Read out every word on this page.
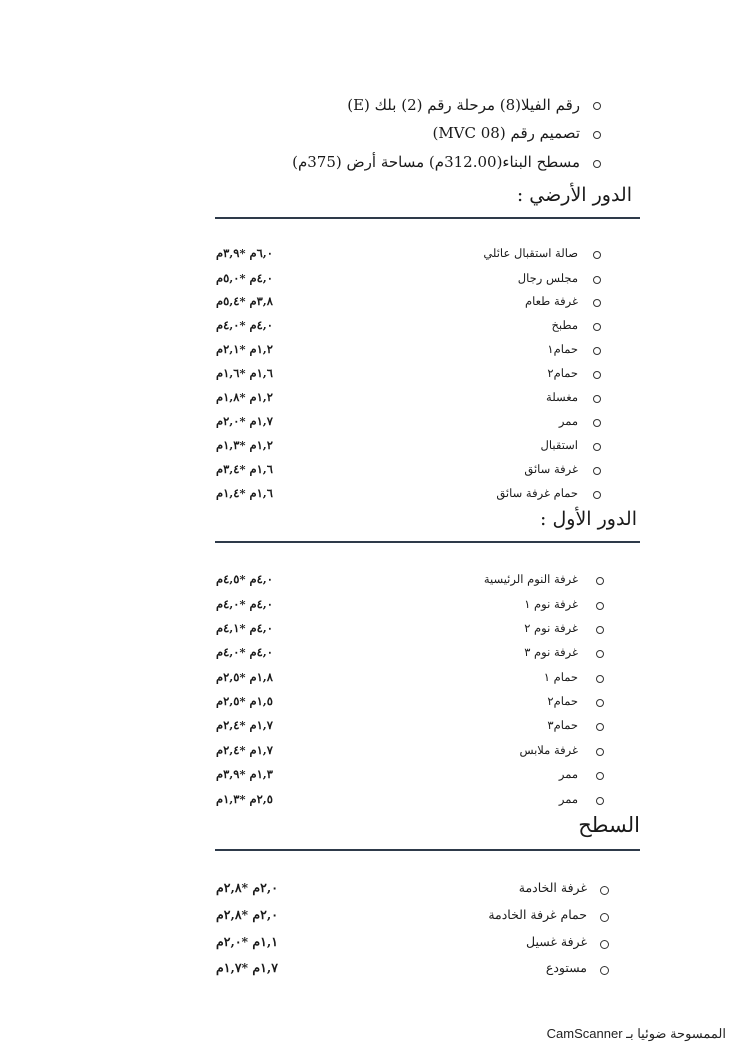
رقم الفيلا(8) مرحلة رقم (2) بلك (E)
تصميم رقم (MVC 08)
مسطح البناء(312.00م) مساحة أرض (375م)
الدور الأرضي :
صالة استقبال عائلي
٦,٠م *٣,٩م
مجلس رجال
٤,٠م *٥,٠م
غرفة طعام
٣,٨م *٥,٤م
مطبخ
٤,٠م *٤,٠م
حمام١
١,٢م *٢,١م
حمام٢
١,٦م *١,٦م
مغسلة
١,٢م *١,٨م
ممر
١,٧م *٢,٠م
استقبال
١,٢م *١,٣م
غرفة سائق
١,٦م *٣,٤م
حمام غرفة سائق
١,٦م *١,٤م
الدور الأول :
غرفة النوم الرئيسية
٤,٠م *٤,٥م
غرفة نوم ١
٤,٠م *٤,٠م
غرفة نوم ٢
٤,٠م *٤,١م
غرفة نوم ٣
٤,٠م *٤,٠م
حمام ١
١,٨م *٢,٥م
حمام٢
١,٥م *٢,٥م
حمام٣
١,٧م *٢,٤م
غرفة ملابس
١,٧م *٢,٤م
ممر
١,٣م *٣,٩م
ممر
٢,٥م *١,٣م
السطح
غرفة الخادمة
٢,٠م *٢,٨م
حمام غرفة الخادمة
٢,٠م *٢,٨م
غرفة غسيل
١,١م *٢,٠م
مستودع
١,٧م *١,٧م
الممسوحة ضوئيا بـ CamScanner
